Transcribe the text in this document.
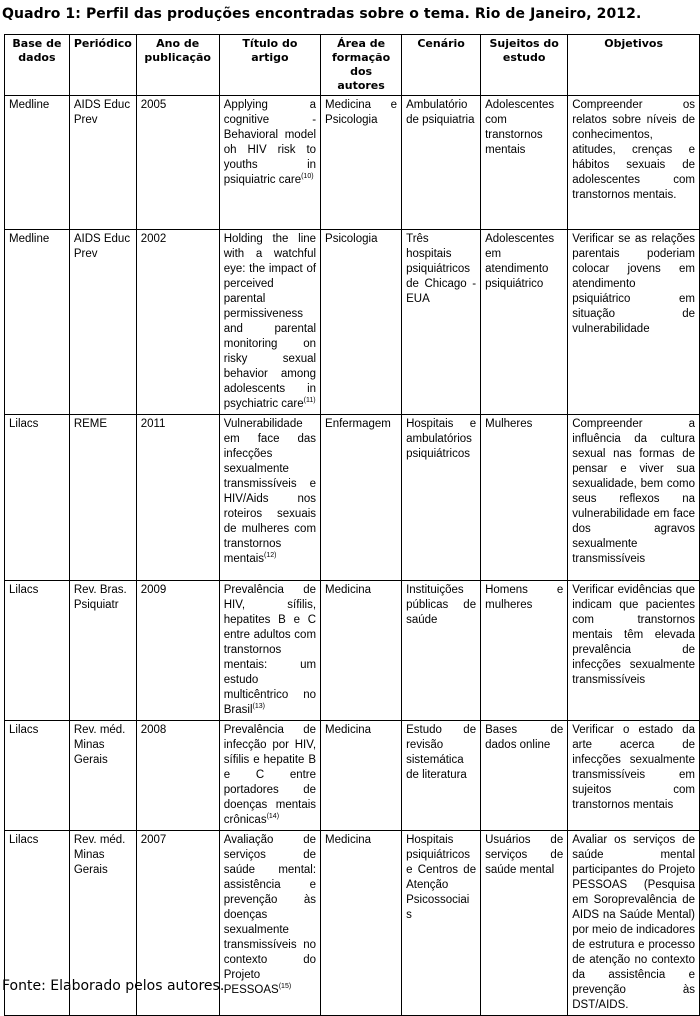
Quadro 1: Perfil das produções encontradas sobre o tema. Rio de Janeiro, 2012.
Base de dados	Periódico	Ano de publicação	Título do artigo	Área de formação dos autores	Cenário	Sujeitos do estudo	Objetivos
Medline	AIDS Educ Prev	2005	Applying a cognitive - Behavioral model oh HIV risk to youths in psiquiatric care$^{(10)}$	Medicina e Psicologia	Ambulatório de psiquiatria	Adolescentes com transtornos mentais	Compreender os relatos sobre níveis de conhecimentos, atitudes, crenças e hábitos sexuais de adolescentes com transtornos mentais.
Medline	AIDS Educ Prev	2002	Holding the line with a watchful eye: the impact of perceived parental permissiveness and parental monitoring on risky sexual behavior among adolescents in psychiatric care$^{(11)}$	Psicologia	Três hospitais psiquiátricos de Chicago - EUA	Adolescentes em atendimento psiquiátrico	Verificar se as relações parentais poderiam colocar jovens em atendimento psiquiátrico em situação de vulnerabilidade
Lilacs	REME	2011	Vulnerabilidade em face das infecções sexualmente transmissíveis e HIV/Aids nos roteiros sexuais de mulheres com transtornos mentais$^{(12)}$	Enfermagem	Hospitais e ambulatórios psiquiátricos	Mulheres	Compreender a influência da cultura sexual nas formas de pensar e viver sua sexualidade, bem como seus reflexos na vulnerabilidade em face dos agravos sexualmente transmissíveis
Lilacs	Rev. Bras. Psiquiatr	2009	Prevalência de HIV, sífilis, hepatites B e C entre adultos com transtornos mentais: um estudo multicêntrico no Brasil$^{(13)}$	Medicina	Instituições públicas de saúde	Homens e mulheres	Verificar evidências que indicam que pacientes com transtornos mentais têm elevada prevalência de infecções sexualmente transmissíveis
Lilacs	Rev. méd. Minas Gerais	2008	Prevalência de infecção por HIV, sífilis e hepatite B e C entre portadores de doenças mentais crônicas$^{(14)}$	Medicina	Estudo de revisão sistemática de literatura	Bases de dados online	Verificar o estado da arte acerca de infecções sexualmente transmissíveis em sujeitos com transtornos mentais
Lilacs	Rev. méd. Minas Gerais	2007	Avaliação de serviços de saúde mental: assistência e prevenção às doenças sexualmente transmissíveis no contexto do Projeto PESSOAS$^{(15)}$	Medicina	Hospitais psiquiátricos e Centros de Atenção Psicossociai s	Usuários de serviços de saúde mental	Avaliar os serviços de saúde mental participantes do Projeto PESSOAS (Pesquisa em Soroprevalência de AIDS na Saúde Mental) por meio de indicadores de estrutura e processo de atenção no contexto da assistência e prevenção às DST/AIDS.
Fonte: Elaborado pelos autores.
